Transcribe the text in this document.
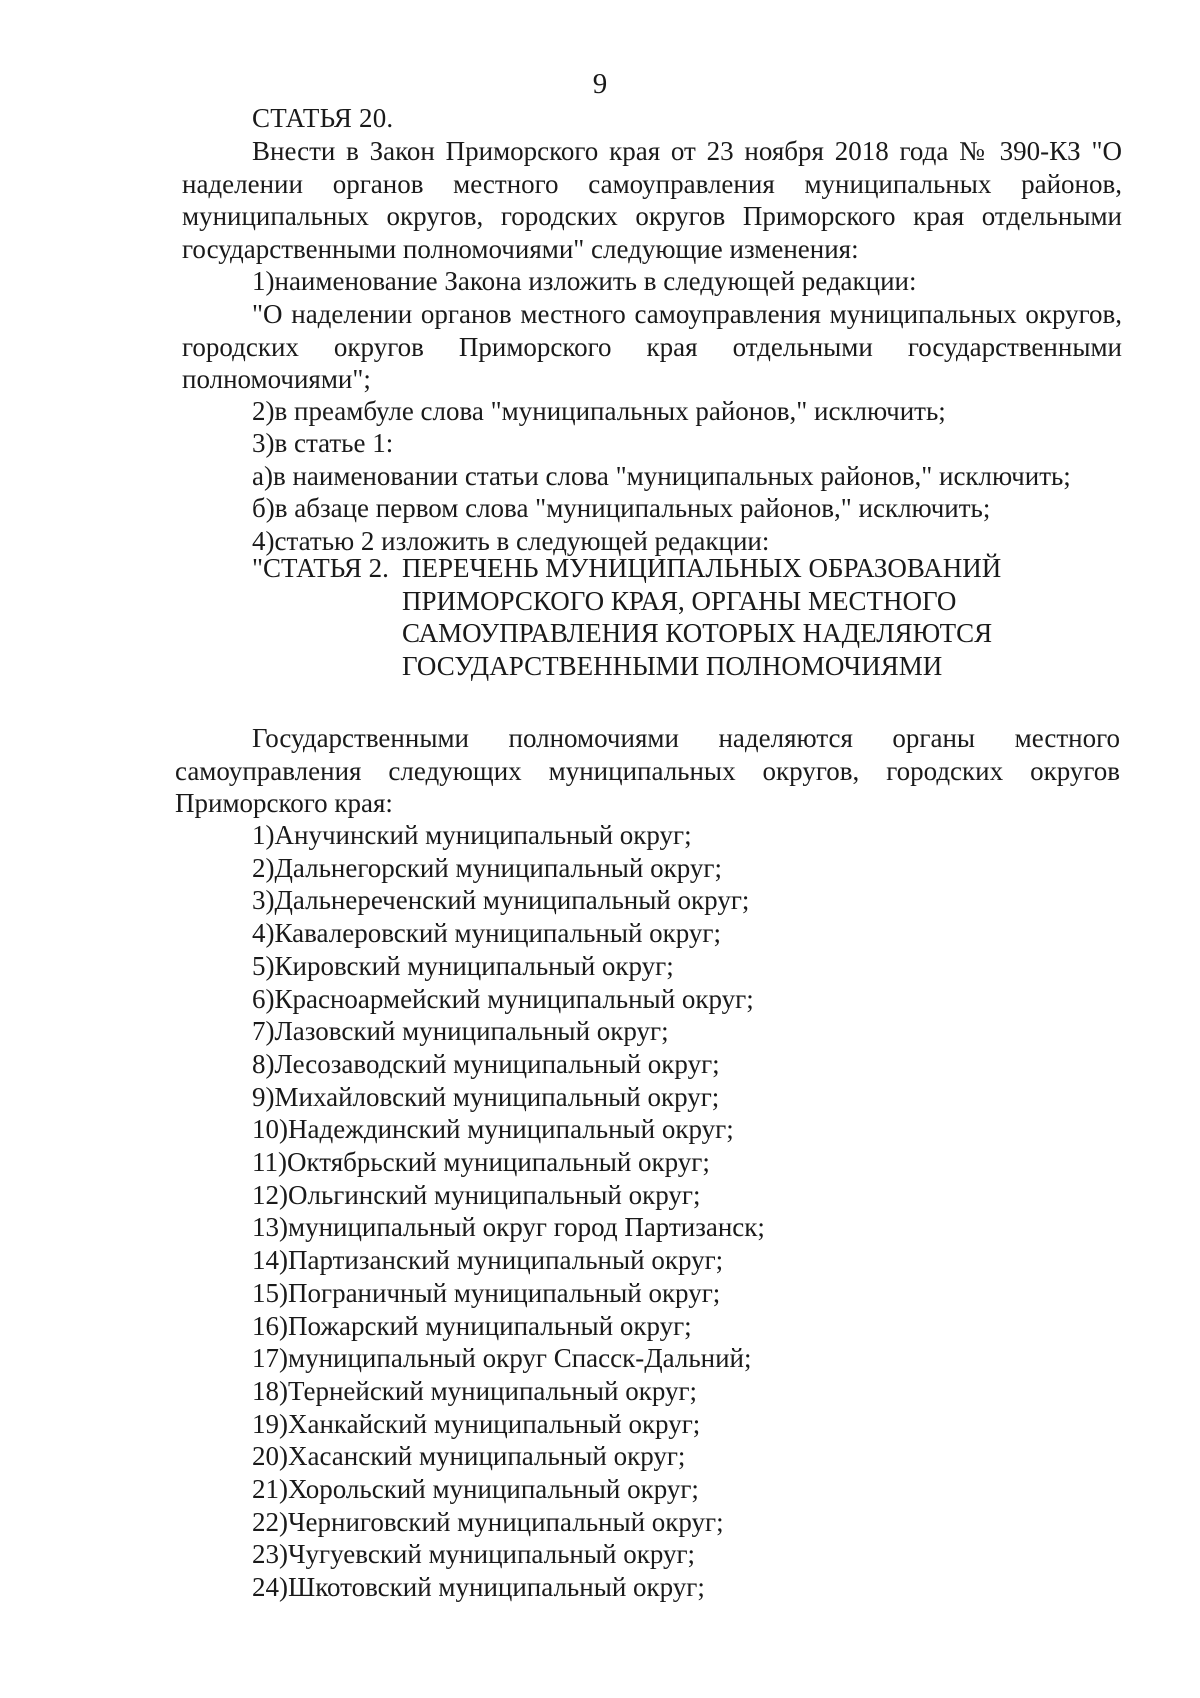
9
СТАТЬЯ 20.
Внести в Закон Приморского края от 23 ноября 2018 года № 390-КЗ "О наделении органов местного самоуправления муниципальных районов, муниципальных округов, городских округов Приморского края отдельными государственными полномочиями" следующие изменения:
1)наименование Закона изложить в следующей редакции:
"О наделении органов местного самоуправления муниципальных округов, городских округов Приморского края отдельными государственными полномочиями";
2)в преамбуле слова "муниципальных районов," исключить;
3)в статье 1:
а)в наименовании статьи слова "муниципальных районов," исключить;
б)в абзаце первом слова "муниципальных районов," исключить;
4)статью 2 изложить в следующей редакции:
"СТАТЬЯ 2. ПЕРЕЧЕНЬ МУНИЦИПАЛЬНЫХ ОБРАЗОВАНИЙ
ПРИМОРСКОГО КРАЯ, ОРГАНЫ МЕСТНОГО
САМОУПРАВЛЕНИЯ КОТОРЫХ НАДЕЛЯЮТСЯ
ГОСУДАРСТВЕННЫМИ ПОЛНОМОЧИЯМИ
Государственными полномочиями наделяются органы местного самоуправления следующих муниципальных округов, городских округов Приморского края:
1)Анучинский муниципальный округ;
2)Дальнегорский муниципальный округ;
3)Дальнереченский муниципальный округ;
4)Кавалеровский муниципальный округ;
5)Кировский муниципальный округ;
6)Красноармейский муниципальный округ;
7)Лазовский муниципальный округ;
8)Лесозаводский муниципальный округ;
9)Михайловский муниципальный округ;
10)Надеждинский муниципальный округ;
11)Октябрьский муниципальный округ;
12)Ольгинский муниципальный округ;
13)муниципальный округ город Партизанск;
14)Партизанский муниципальный округ;
15)Пограничный муниципальный округ;
16)Пожарский муниципальный округ;
17)муниципальный округ Спасск-Дальний;
18)Тернейский муниципальный округ;
19)Ханкайский муниципальный округ;
20)Хасанский муниципальный округ;
21)Хорольский муниципальный округ;
22)Черниговский муниципальный округ;
23)Чугуевский муниципальный округ;
24)Шкотовский муниципальный округ;
